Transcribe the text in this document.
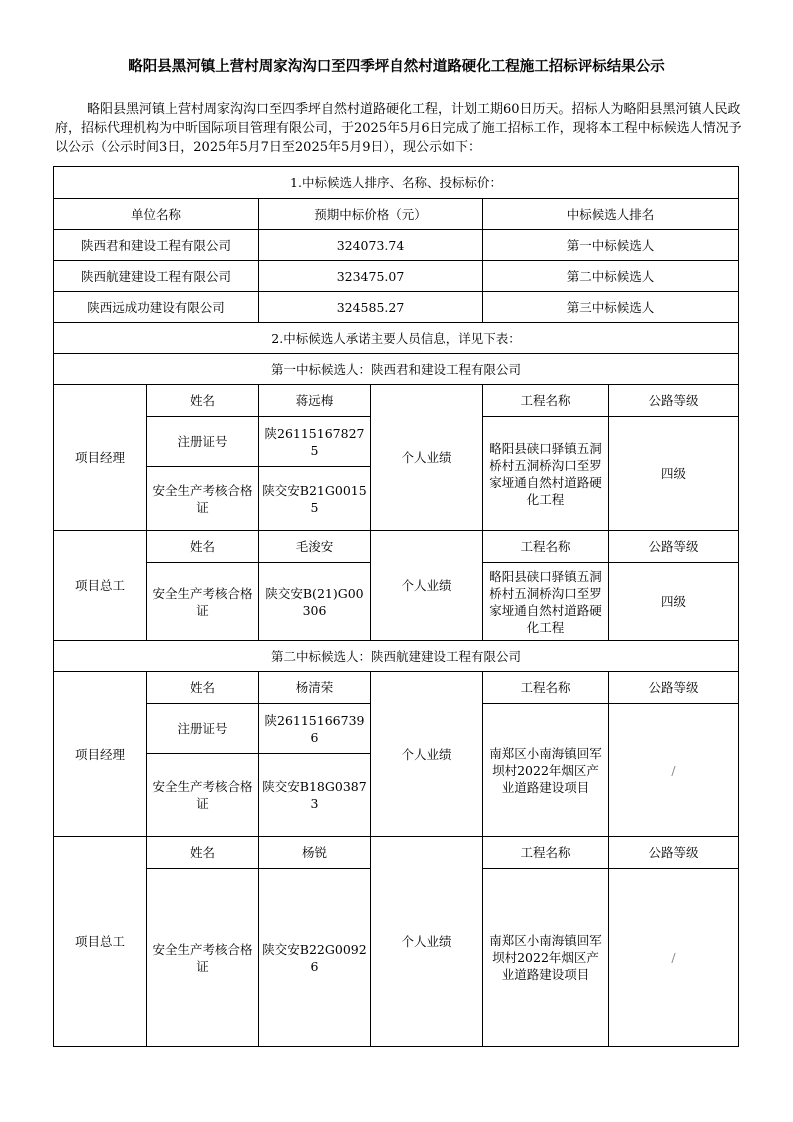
略阳县黑河镇上营村周家沟沟口至四季坪自然村道路硬化工程施工招标评标结果公示
略阳县黑河镇上营村周家沟沟口至四季坪自然村道路硬化工程，计划工期60日历天。招标人为略阳县黑河镇人民政府，招标代理机构为中昕国际项目管理有限公司，于2025年5月6日完成了施工招标工作，现将本工程中标候选人情况予以公示（公示时间3日，2025年5月7日至2025年5月9日），现公示如下：
1.中标候选人排序、名称、投标标价：					
单位名称		预期中标价格（元）		中标候选人排名	
陕西君和建设工程有限公司		324073.74		第一中标候选人	
陕西航建建设工程有限公司		323475.07		第二中标候选人	
陕西远成功建设有限公司		324585.27		第三中标候选人	
2.中标候选人承诺主要人员信息，详见下表：					
第一中标候选人：陕西君和建设工程有限公司					
项目经理	姓名	蒋远梅	个人业绩	工程名称	公路等级
	注册证号	陕261151678275		略阳县硖口驿镇五洞桥村五洞桥沟口至罗家垭通自然村道路硬化工程	四级
	安全生产考核合格证	陕交安B21G00155			
项目总工	姓名	毛浚安	个人业绩	工程名称	公路等级
	安全生产考核合格证	陕交安B(21)G00306		略阳县硖口驿镇五洞桥村五洞桥沟口至罗家垭通自然村道路硬化工程	四级
第二中标候选人：陕西航建建设工程有限公司					
项目经理	姓名	杨清荣	个人业绩	工程名称	公路等级
	注册证号	陕261151667396		南郑区小南海镇回军坝村2022年烟区产业道路建设项目	/
	安全生产考核合格证	陕交安B18G03873			
项目总工	姓名	杨锐	个人业绩	工程名称	公路等级
	安全生产考核合格证	陕交安B22G00926		南郑区小南海镇回军坝村2022年烟区产业道路建设项目	/
